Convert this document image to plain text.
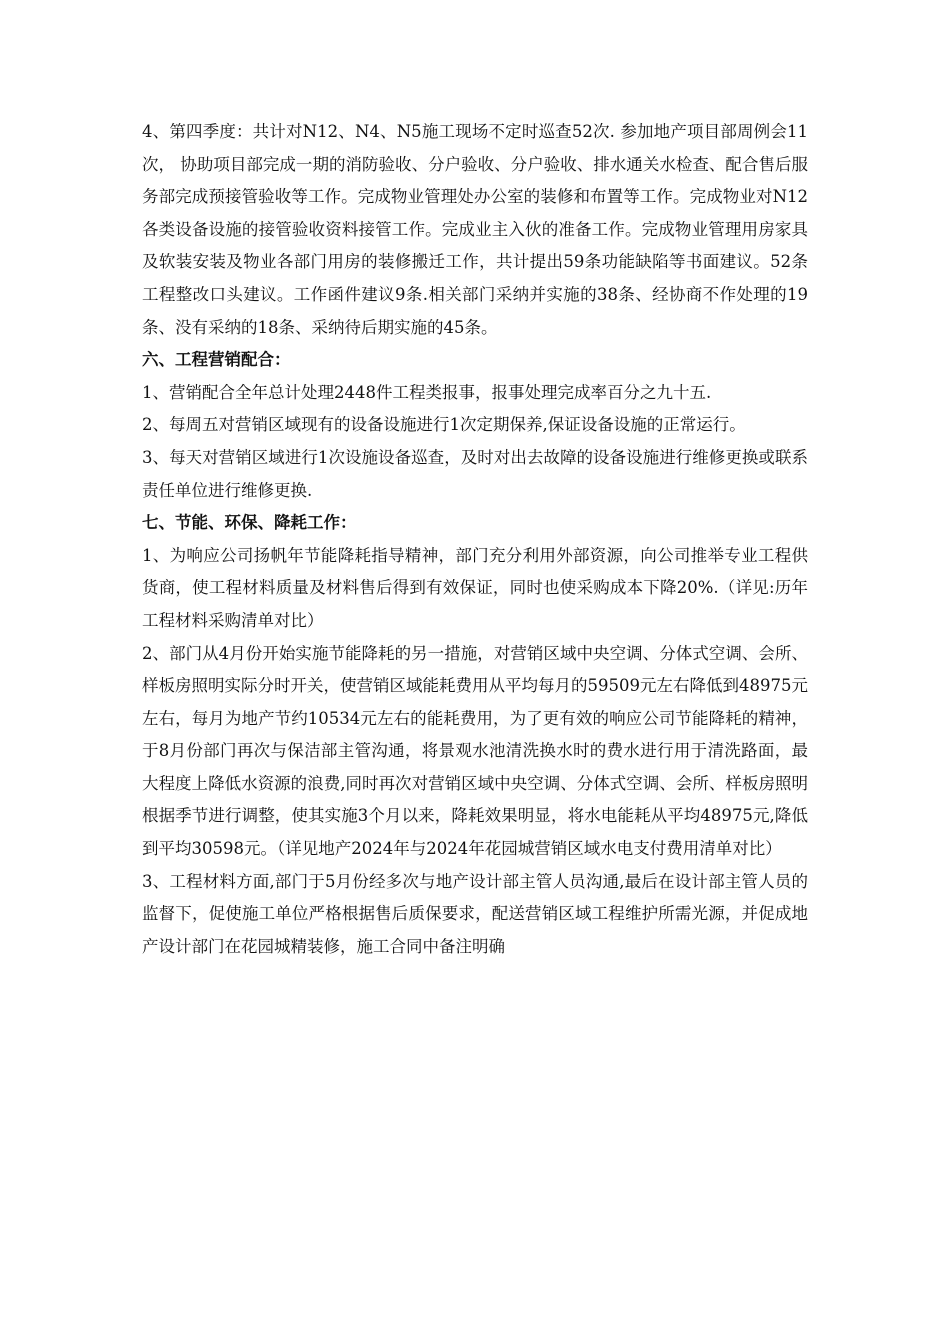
4、第四季度：共计对N12、N4、N5施工现场不定时巡查52次. 参加地产项目部周例会11次， 协助项目部完成一期的消防验收、分户验收、分户验收、排水通关水检查、配合售后服务部完成预接管验收等工作。完成物业管理处办公室的装修和布置等工作。完成物业对N12各类设备设施的接管验收资料接管工作。完成业主入伙的准备工作。完成物业管理用房家具及软装安装及物业各部门用房的装修搬迁工作，共计提出59条功能缺陷等书面建议。52条工程整改口头建议。工作函件建议9条.相关部门采纳并实施的38条、经协商不作处理的19条、没有采纳的18条、采纳待后期实施的45条。

六、工程营销配合：

1、营销配合全年总计处理2448件工程类报事，报事处理完成率百分之九十五.

2、每周五对营销区域现有的设备设施进行1次定期保养,保证设备设施的正常运行。

3、每天对营销区域进行1次设施设备巡查，及时对出去故障的设备设施进行维修更换或联系责任单位进行维修更换.

七、节能、环保、降耗工作：

1、为响应公司扬帆年节能降耗指导精神，部门充分利用外部资源，向公司推举专业工程供货商，使工程材料质量及材料售后得到有效保证，同时也使采购成本下降20%.（详见:历年工程材料采购清单对比）

2、部门从4月份开始实施节能降耗的另一措施，对营销区域中央空调、分体式空调、会所、样板房照明实际分时开关，使营销区域能耗费用从平均每月的59509元左右降低到48975元左右，每月为地产节约10534元左右的能耗费用，为了更有效的响应公司节能降耗的精神，于8月份部门再次与保洁部主管沟通，将景观水池清洗换水时的费水进行用于清洗路面，最大程度上降低水资源的浪费,同时再次对营销区域中央空调、分体式空调、会所、样板房照明根据季节进行调整，使其实施3个月以来，降耗效果明显，将水电能耗从平均48975元,降低到平均30598元。（详见地产2024年与2024年花园城营销区域水电支付费用清单对比）

3、工程材料方面,部门于5月份经多次与地产设计部主管人员沟通,最后在设计部主管人员的监督下，促使施工单位严格根据售后质保要求，配送营销区域工程维护所需光源，并促成地产设计部门在花园城精装修，施工合同中备注明确
